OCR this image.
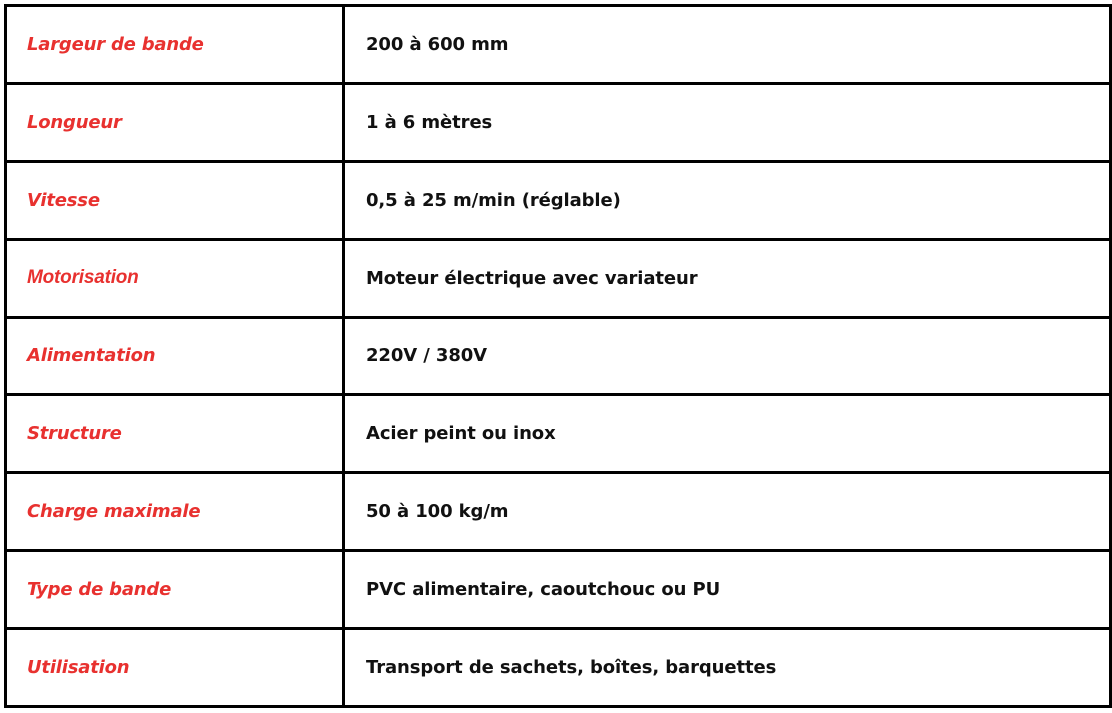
Largeur de bande	200 à 600 mm

Longueur	1 à 6 mètres

Vitesse	0,5 à 25 m/min (réglable)

Motorisation	Moteur électrique avec variateur

Alimentation	220V / 380V

Structure	Acier peint ou inox

Charge maximale	50 à 100 kg/m

Type de bande	PVC alimentaire, caoutchouc ou PU

Utilisation	Transport de sachets, boîtes, barquettes
